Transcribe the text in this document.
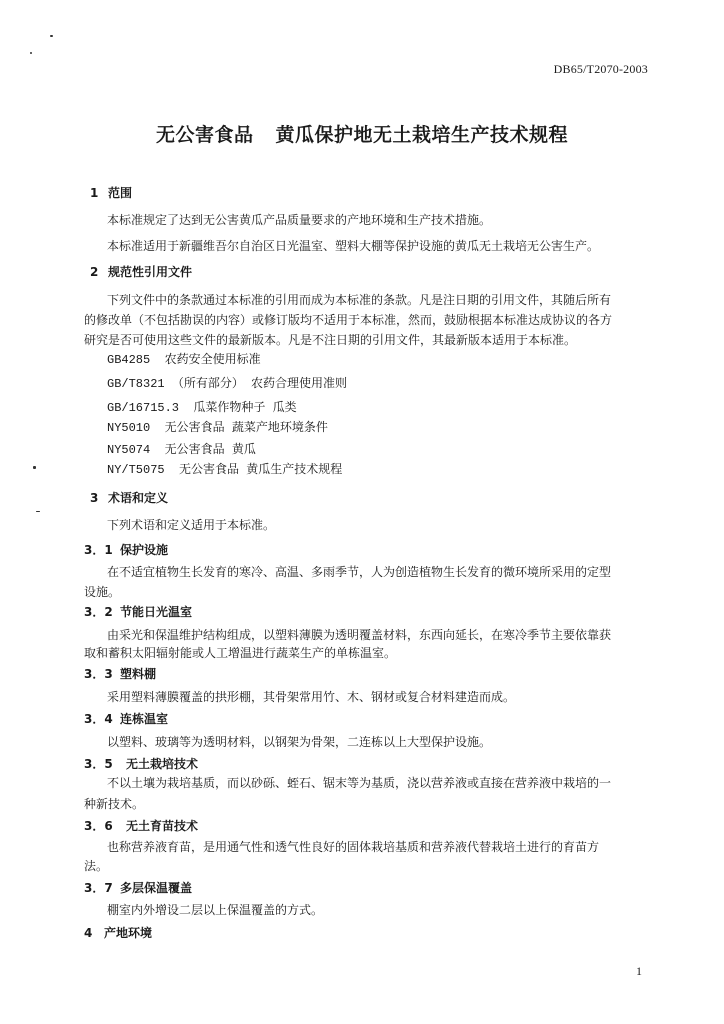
DB65/T2070-2003
无公害食品 黄瓜保护地无土栽培生产技术规程
1 范围
本标准规定了达到无公害黄瓜产品质量要求的产地环境和生产技术措施。
本标准适用于新疆维吾尔自治区日光温室、塑料大棚等保护设施的黄瓜无土栽培无公害生产。
2 规范性引用文件
下列文件中的条款通过本标准的引用而成为本标准的条款。凡是注日期的引用文件，其随后所有
的修改单（不包括勘误的内容）或修订版均不适用于本标准，然而，鼓励根据本标准达成协议的各方
研究是否可使用这些文件的最新版本。凡是不注日期的引用文件，其最新版本适用于本标准。
GB4285 农药安全使用标准
GB/T8321 （所有部分） 农药合理使用准则
GB/16715.3 瓜菜作物种子 瓜类
NY5010 无公害食品 蔬菜产地环境条件
NY5074 无公害食品 黄瓜
NY/T5075 无公害食品 黄瓜生产技术规程
3 术语和定义
下列术语和定义适用于本标准。
3．1 保护设施
在不适宜植物生长发育的寒冷、高温、多雨季节，人为创造植物生长发育的微环境所采用的定型
设施。
3．2 节能日光温室
由采光和保温维护结构组成，以塑料薄膜为透明覆盖材料，东西向延长，在寒冷季节主要依靠获
取和蓄积太阳辐射能或人工增温进行蔬菜生产的单栋温室。
3．3 塑料棚
采用塑料薄膜覆盖的拱形棚，其骨架常用竹、木、钢材或复合材料建造而成。
3．4 连栋温室
以塑料、玻璃等为透明材料，以钢架为骨架，二连栋以上大型保护设施。
3．5 无土栽培技术
不以土壤为栽培基质，而以砂砾、蛭石、锯末等为基质，浇以营养液或直接在营养液中栽培的一
种新技术。
3．6 无土育苗技术
也称营养液育苗，是用通气性和透气性良好的固体栽培基质和营养液代替栽培土进行的育苗方
法。
3．7 多层保温覆盖
棚室内外增设二层以上保温覆盖的方式。
4 产地环境
1
